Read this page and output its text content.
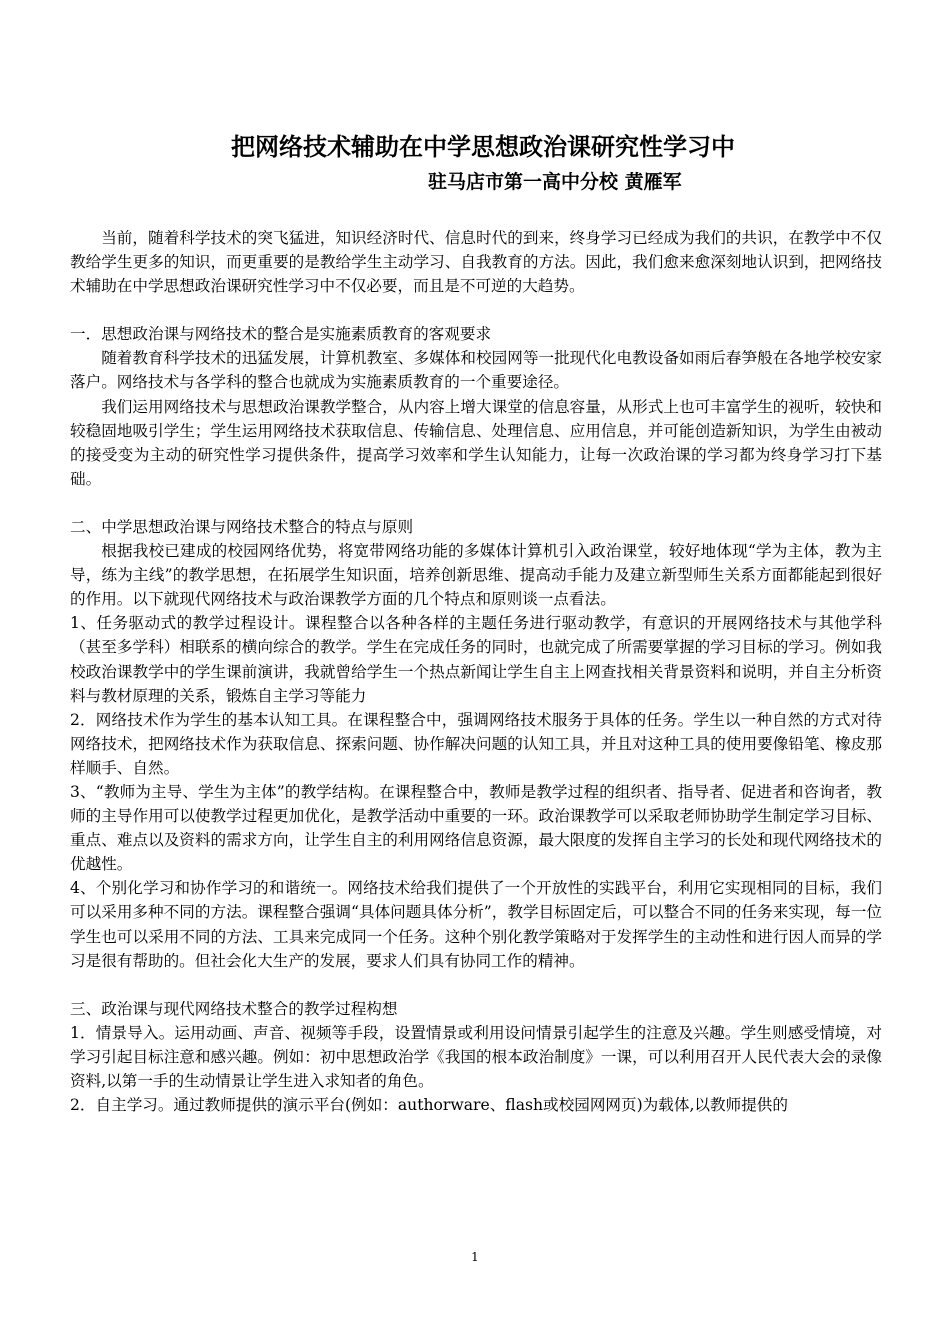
把网络技术辅助在中学思想政治课研究性学习中
驻马店市第一高中分校 黄雁军

当前，随着科学技术的突飞猛进，知识经济时代、信息时代的到来，终身学习已经成为我们的共识，在教学中不仅教给学生更多的知识，而更重要的是教给学生主动学习、自我教育的方法。因此，我们愈来愈深刻地认识到，把网络技术辅助在中学思想政治课研究性学习中不仅必要，而且是不可逆的大趋势。

一．思想政治课与网络技术的整合是实施素质教育的客观要求

随着教育科学技术的迅猛发展，计算机教室、多媒体和校园网等一批现代化电教设备如雨后春笋般在各地学校安家落户。网络技术与各学科的整合也就成为实施素质教育的一个重要途径。

我们运用网络技术与思想政治课教学整合，从内容上增大课堂的信息容量，从形式上也可丰富学生的视听，较快和较稳固地吸引学生；学生运用网络技术获取信息、传输信息、处理信息、应用信息，并可能创造新知识，为学生由被动的接受变为主动的研究性学习提供条件，提高学习效率和学生认知能力，让每一次政治课的学习都为终身学习打下基础。

二、中学思想政治课与网络技术整合的特点与原则

根据我校已建成的校园网络优势，将宽带网络功能的多媒体计算机引入政治课堂，较好地体现“学为主体，教为主导，练为主线”的教学思想，在拓展学生知识面，培养创新思维、提高动手能力及建立新型师生关系方面都能起到很好的作用。以下就现代网络技术与政治课教学方面的几个特点和原则谈一点看法。

1、任务驱动式的教学过程设计。课程整合以各种各样的主题任务进行驱动教学，有意识的开展网络技术与其他学科（甚至多学科）相联系的横向综合的教学。学生在完成任务的同时，也就完成了所需要掌握的学习目标的学习。例如我校政治课教学中的学生课前演讲，我就曾给学生一个热点新闻让学生自主上网查找相关背景资料和说明，并自主分析资料与教材原理的关系，锻炼自主学习等能力

2．网络技术作为学生的基本认知工具。在课程整合中，强调网络技术服务于具体的任务。学生以一种自然的方式对待网络技术，把网络技术作为获取信息、探索问题、协作解决问题的认知工具，并且对这种工具的使用要像铅笔、橡皮那样顺手、自然。

3、“教师为主导、学生为主体”的教学结构。在课程整合中，教师是教学过程的组织者、指导者、促进者和咨询者，教师的主导作用可以使教学过程更加优化，是教学活动中重要的一环。政治课教学可以采取老师协助学生制定学习目标、重点、难点以及资料的需求方向，让学生自主的利用网络信息资源，最大限度的发挥自主学习的长处和现代网络技术的优越性。

4、个别化学习和协作学习的和谐统一。网络技术给我们提供了一个开放性的实践平台，利用它实现相同的目标，我们可以采用多种不同的方法。课程整合强调“具体问题具体分析”，教学目标固定后，可以整合不同的任务来实现，每一位学生也可以采用不同的方法、工具来完成同一个任务。这种个别化教学策略对于发挥学生的主动性和进行因人而异的学习是很有帮助的。但社会化大生产的发展，要求人们具有协同工作的精神。

三、政治课与现代网络技术整合的教学过程构想

1．情景导入。运用动画、声音、视频等手段，设置情景或利用设问情景引起学生的注意及兴趣。学生则感受情境，对学习引起目标注意和感兴趣。例如：初中思想政治学《我国的根本政治制度》一课，可以利用召开人民代表大会的录像资料,以第一手的生动情景让学生进入求知者的角色。

2．自主学习。通过教师提供的演示平台(例如：authorware、flash或校园网网页)为载体,以教师提供的

1
